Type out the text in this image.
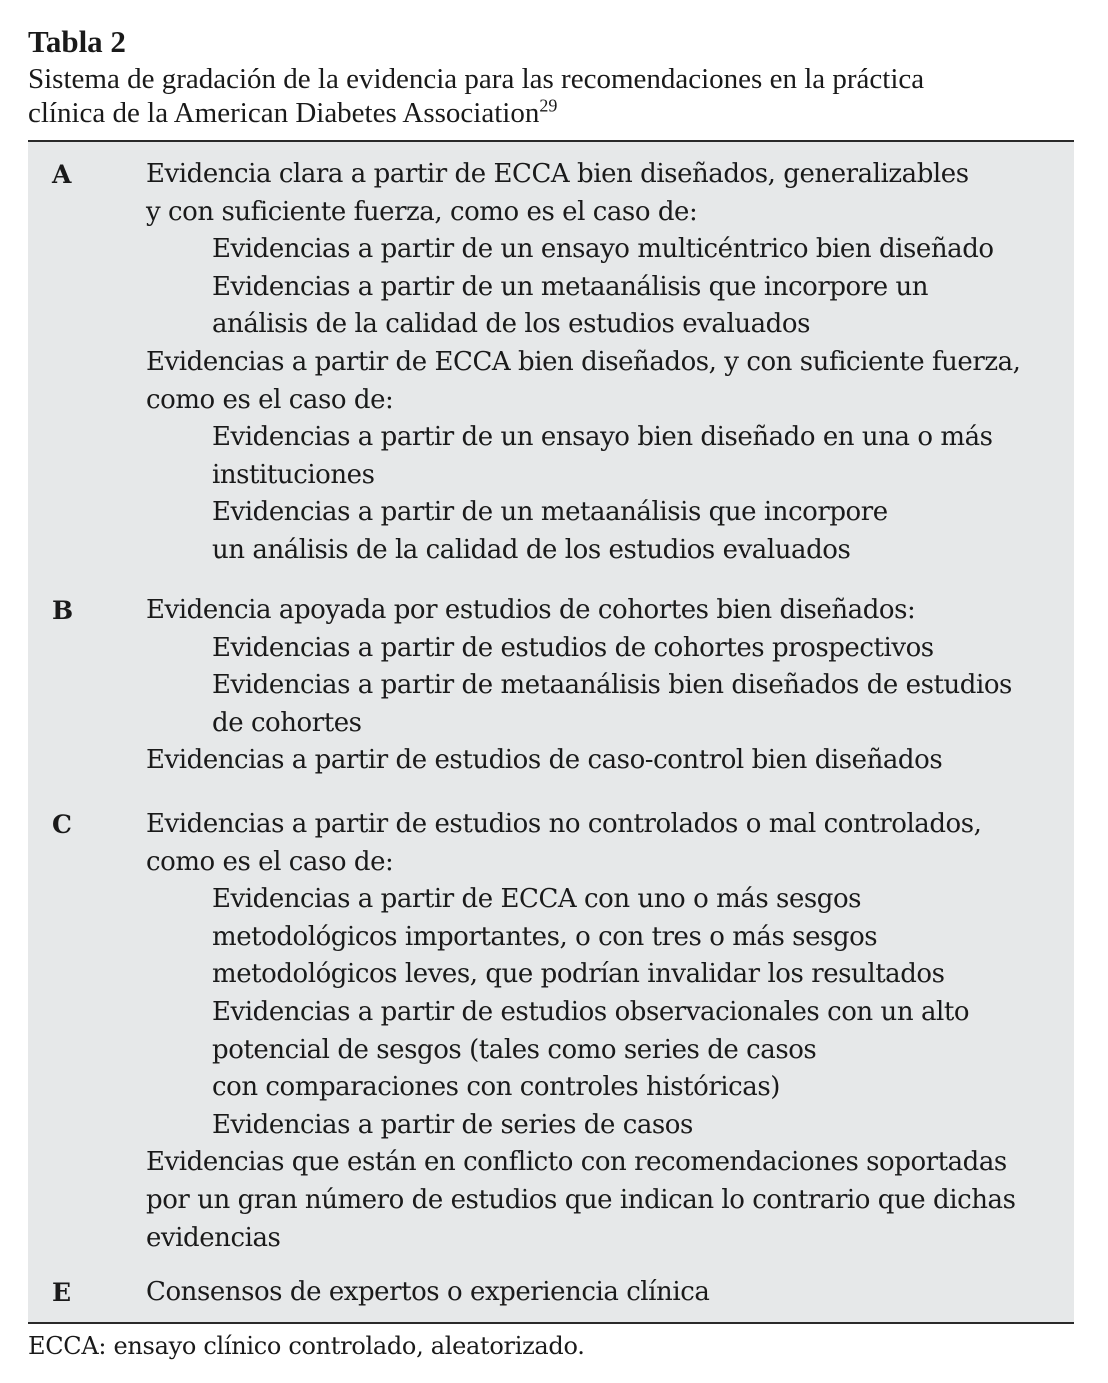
Tabla 2
Sistema de gradación de la evidencia para las recomendaciones en la práctica
clínica de la American Diabetes Association$^{29}$
A	Evidencia clara a partir de ECCA bien diseñados, generalizables
y con suficiente fuerza, como es el caso de:
Evidencias a partir de un ensayo multicéntrico bien diseñado
Evidencias a partir de un metaanálisis que incorpore un
análisis de la calidad de los estudios evaluados
Evidencias a partir de ECCA bien diseñados, y con suficiente fuerza,
como es el caso de:
Evidencias a partir de un ensayo bien diseñado en una o más
instituciones
Evidencias a partir de un metaanálisis que incorpore
un análisis de la calidad de los estudios evaluados
B	Evidencia apoyada por estudios de cohortes bien diseñados:
Evidencias a partir de estudios de cohortes prospectivos
Evidencias a partir de metaanálisis bien diseñados de estudios
de cohortes
Evidencias a partir de estudios de caso-control bien diseñados
C	Evidencias a partir de estudios no controlados o mal controlados,
como es el caso de:
Evidencias a partir de ECCA con uno o más sesgos
metodológicos importantes, o con tres o más sesgos
metodológicos leves, que podrían invalidar los resultados
Evidencias a partir de estudios observacionales con un alto
potencial de sesgos (tales como series de casos
con comparaciones con controles históricas)
Evidencias a partir de series de casos
Evidencias que están en conflicto con recomendaciones soportadas
por un gran número de estudios que indican lo contrario que dichas
evidencias
E	Consensos de expertos o experiencia clínica
ECCA: ensayo clínico controlado, aleatorizado.
